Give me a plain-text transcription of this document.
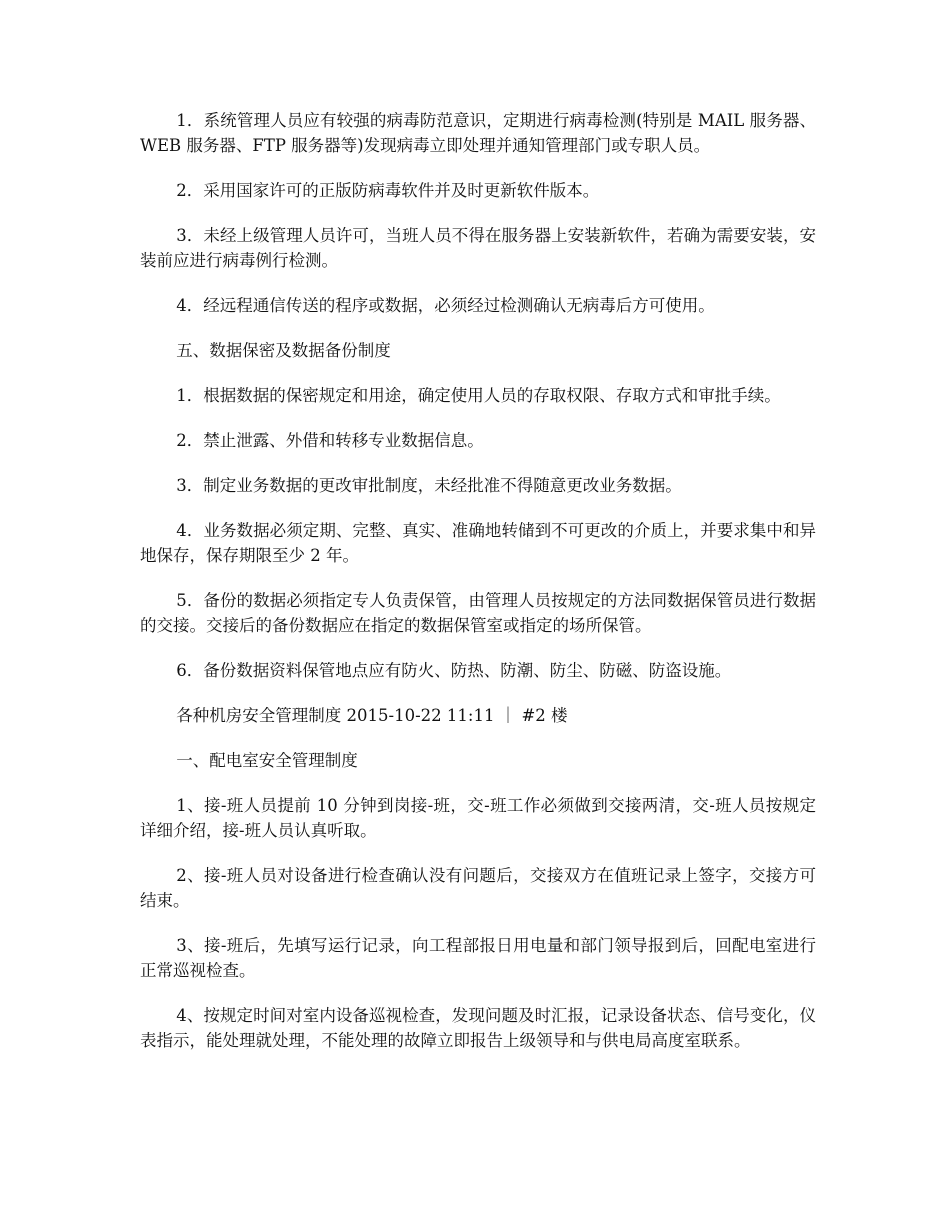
1．系统管理人员应有较强的病毒防范意识，定期进行病毒检测(特别是 MAIL 服务器、WEB 服务器、FTP 服务器等)发现病毒立即处理并通知管理部门或专职人员。

2．采用国家许可的正版防病毒软件并及时更新软件版本。

3．未经上级管理人员许可，当班人员不得在服务器上安装新软件，若确为需要安装，安装前应进行病毒例行检测。

4．经远程通信传送的程序或数据，必须经过检测确认无病毒后方可使用。

五、数据保密及数据备份制度

1．根据数据的保密规定和用途，确定使用人员的存取权限、存取方式和审批手续。

2．禁止泄露、外借和转移专业数据信息。

3．制定业务数据的更改审批制度，未经批准不得随意更改业务数据。

4．业务数据必须定期、完整、真实、准确地转储到不可更改的介质上，并要求集中和异地保存，保存期限至少 2 年。

5．备份的数据必须指定专人负责保管，由管理人员按规定的方法同数据保管员进行数据的交接。交接后的备份数据应在指定的数据保管室或指定的场所保管。

6．备份数据资料保管地点应有防火、防热、防潮、防尘、防磁、防盗设施。

各种机房安全管理制度 2015-10-22 11:11 ｜ #2 楼

一、配电室安全管理制度

1、接-班人员提前 10 分钟到岗接-班，交-班工作必须做到交接两清，交-班人员按规定详细介绍，接-班人员认真听取。

2、接-班人员对设备进行检查确认没有问题后，交接双方在值班记录上签字，交接方可结束。

3、接-班后，先填写运行记录，向工程部报日用电量和部门领导报到后，回配电室进行正常巡视检查。

4、按规定时间对室内设备巡视检查，发现问题及时汇报，记录设备状态、信号变化，仪表指示，能处理就处理，不能处理的故障立即报告上级领导和与供电局高度室联系。
